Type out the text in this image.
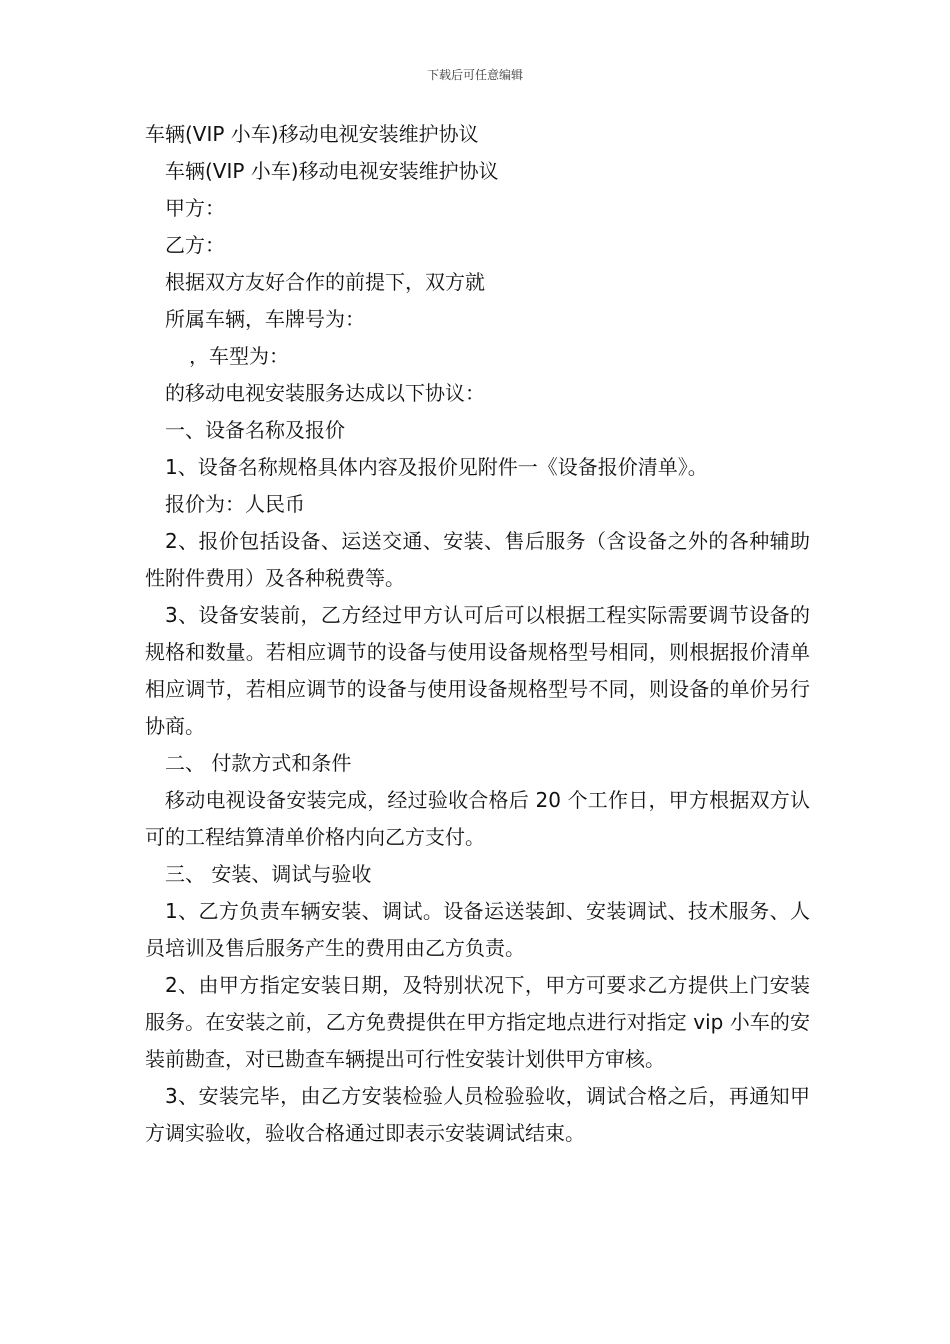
下载后可任意编辑

车辆(VIP 小车)移动电视安装维护协议

车辆(VIP 小车)移动电视安装维护协议

甲方：

乙方：

根据双方友好合作的前提下，双方就

所属车辆，车牌号为：

，车型为：

的移动电视安装服务达成以下协议：

一、设备名称及报价

1、设备名称规格具体内容及报价见附件一《设备报价清单》。

报价为：人民币

2、报价包括设备、运送交通、安装、售后服务（含设备之外的各种辅助性附件费用）及各种税费等。

3、设备安装前，乙方经过甲方认可后可以根据工程实际需要调节设备的规格和数量。若相应调节的设备与使用设备规格型号相同，则根据报价清单相应调节，若相应调节的设备与使用设备规格型号不同，则设备的单价另行协商。

二、 付款方式和条件

移动电视设备安装完成，经过验收合格后 20 个工作日，甲方根据双方认可的工程结算清单价格内向乙方支付。

三、 安装、调试与验收

1、乙方负责车辆安装、调试。设备运送装卸、安装调试、技术服务、人员培训及售后服务产生的费用由乙方负责。

2、由甲方指定安装日期，及特别状况下，甲方可要求乙方提供上门安装服务。在安装之前，乙方免费提供在甲方指定地点进行对指定 vip 小车的安装前勘查，对已勘查车辆提出可行性安装计划供甲方审核。

3、安装完毕，由乙方安装检验人员检验验收，调试合格之后，再通知甲方调实验收，验收合格通过即表示安装调试结束。
